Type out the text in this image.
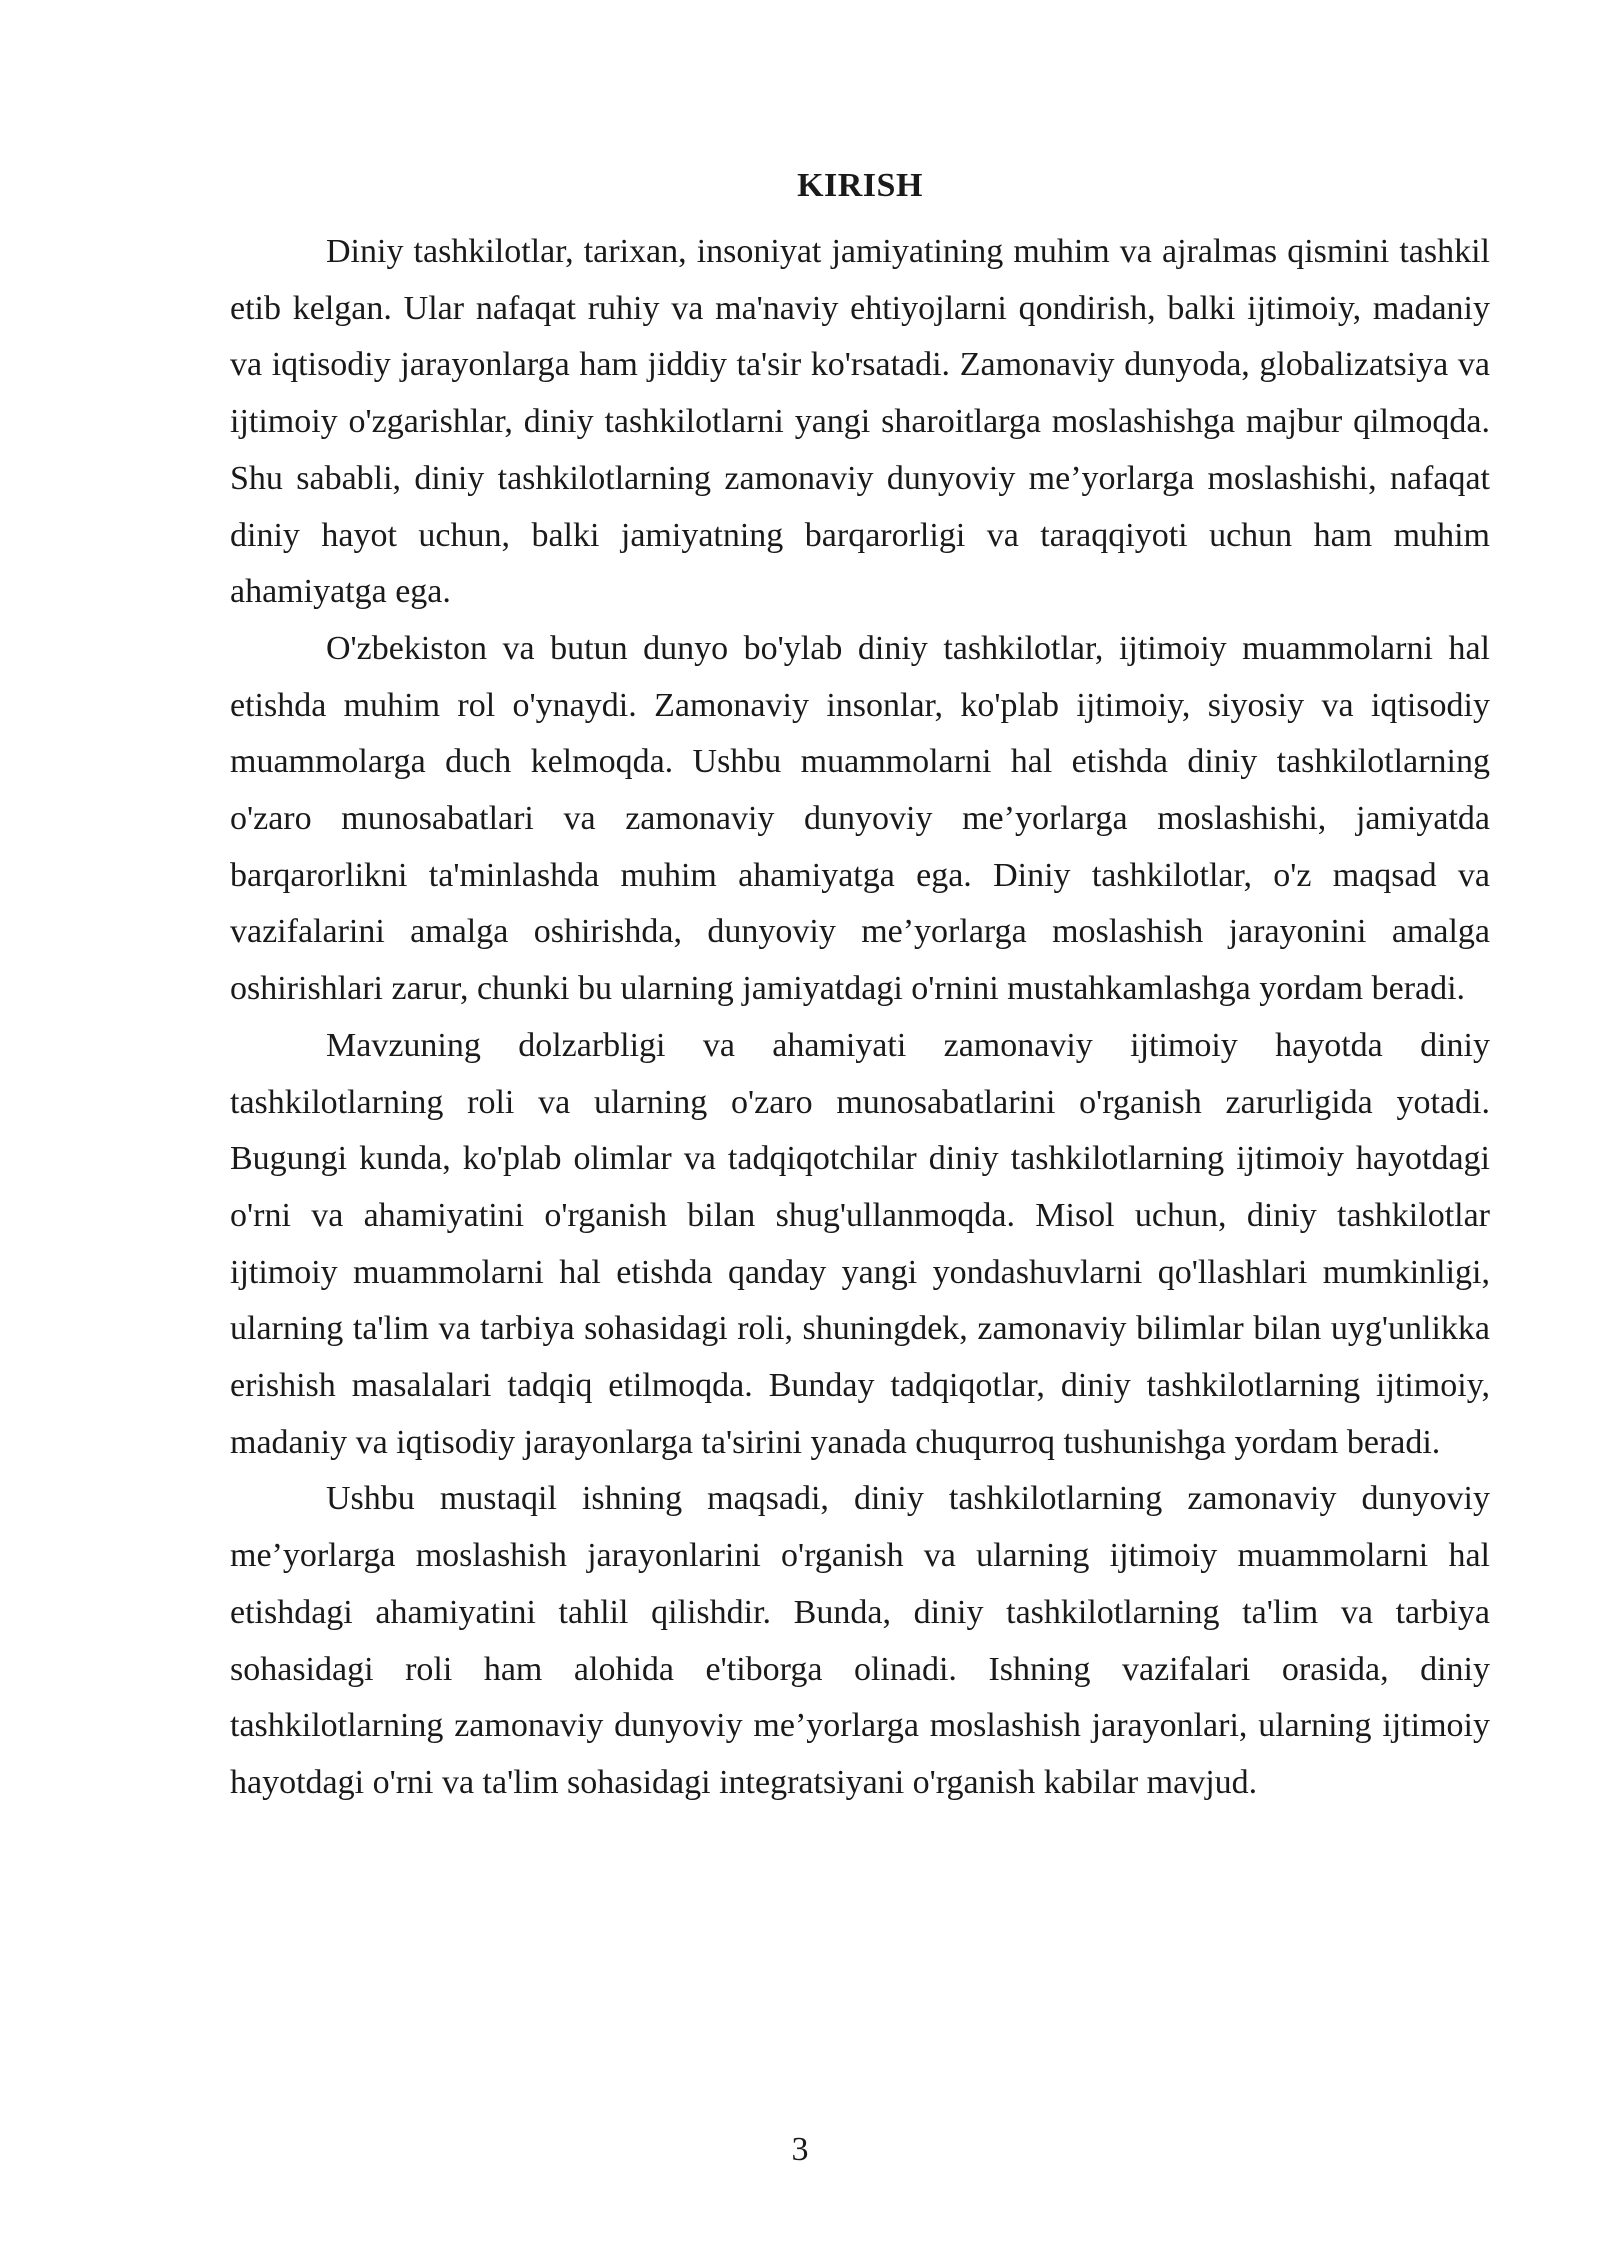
KIRISH

Diniy tashkilotlar, tarixan, insoniyat jamiyatining muhim va ajralmas qismini tashkil etib kelgan. Ular nafaqat ruhiy va ma'naviy ehtiyojlarni qondirish, balki ijtimoiy, madaniy va iqtisodiy jarayonlarga ham jiddiy ta'sir ko'rsatadi. Zamonaviy dunyoda, globalizatsiya va ijtimoiy o'zgarishlar, diniy tashkilotlarni yangi sharoitlarga moslashishga majbur qilmoqda. Shu sababli, diniy tashkilotlarning zamonaviy dunyoviy me’yorlarga moslashishi, nafaqat diniy hayot uchun, balki jamiyatning barqarorligi va taraqqiyoti uchun ham muhim ahamiyatga ega.

O'zbekiston va butun dunyo bo'ylab diniy tashkilotlar, ijtimoiy muammolarni hal etishda muhim rol o'ynaydi. Zamonaviy insonlar, ko'plab ijtimoiy, siyosiy va iqtisodiy muammolarga duch kelmoqda. Ushbu muammolarni hal etishda diniy tashkilotlarning o'zaro munosabatlari va zamonaviy dunyoviy me’yorlarga moslashishi, jamiyatda barqarorlikni ta'minlashda muhim ahamiyatga ega. Diniy tashkilotlar, o'z maqsad va vazifalarini amalga oshirishda, dunyoviy me’yorlarga moslashish jarayonini amalga oshirishlari zarur, chunki bu ularning jamiyatdagi o'rnini mustahkamlashga yordam beradi.

Mavzuning dolzarbligi va ahamiyati zamonaviy ijtimoiy hayotda diniy tashkilotlarning roli va ularning o'zaro munosabatlarini o'rganish zarurligida yotadi. Bugungi kunda, ko'plab olimlar va tadqiqotchilar diniy tashkilotlarning ijtimoiy hayotdagi o'rni va ahamiyatini o'rganish bilan shug'ullanmoqda. Misol uchun, diniy tashkilotlar ijtimoiy muammolarni hal etishda qanday yangi yondashuvlarni qo'llashlari mumkinligi, ularning ta'lim va tarbiya sohasidagi roli, shuningdek, zamonaviy bilimlar bilan uyg'unlikka erishish masalalari tadqiq etilmoqda. Bunday tadqiqotlar, diniy tashkilotlarning ijtimoiy, madaniy va iqtisodiy jarayonlarga ta'sirini yanada chuqurroq tushunishga yordam beradi.

Ushbu mustaqil ishning maqsadi, diniy tashkilotlarning zamonaviy dunyoviy me’yorlarga moslashish jarayonlarini o'rganish va ularning ijtimoiy muammolarni hal etishdagi ahamiyatini tahlil qilishdir. Bunda, diniy tashkilotlarning ta'lim va tarbiya sohasidagi roli ham alohida e'tiborga olinadi. Ishning vazifalari orasida, diniy tashkilotlarning zamonaviy dunyoviy me’yorlarga moslashish jarayonlari, ularning ijtimoiy hayotdagi o'rni va ta'lim sohasidagi integratsiyani o'rganish kabilar mavjud.

3
